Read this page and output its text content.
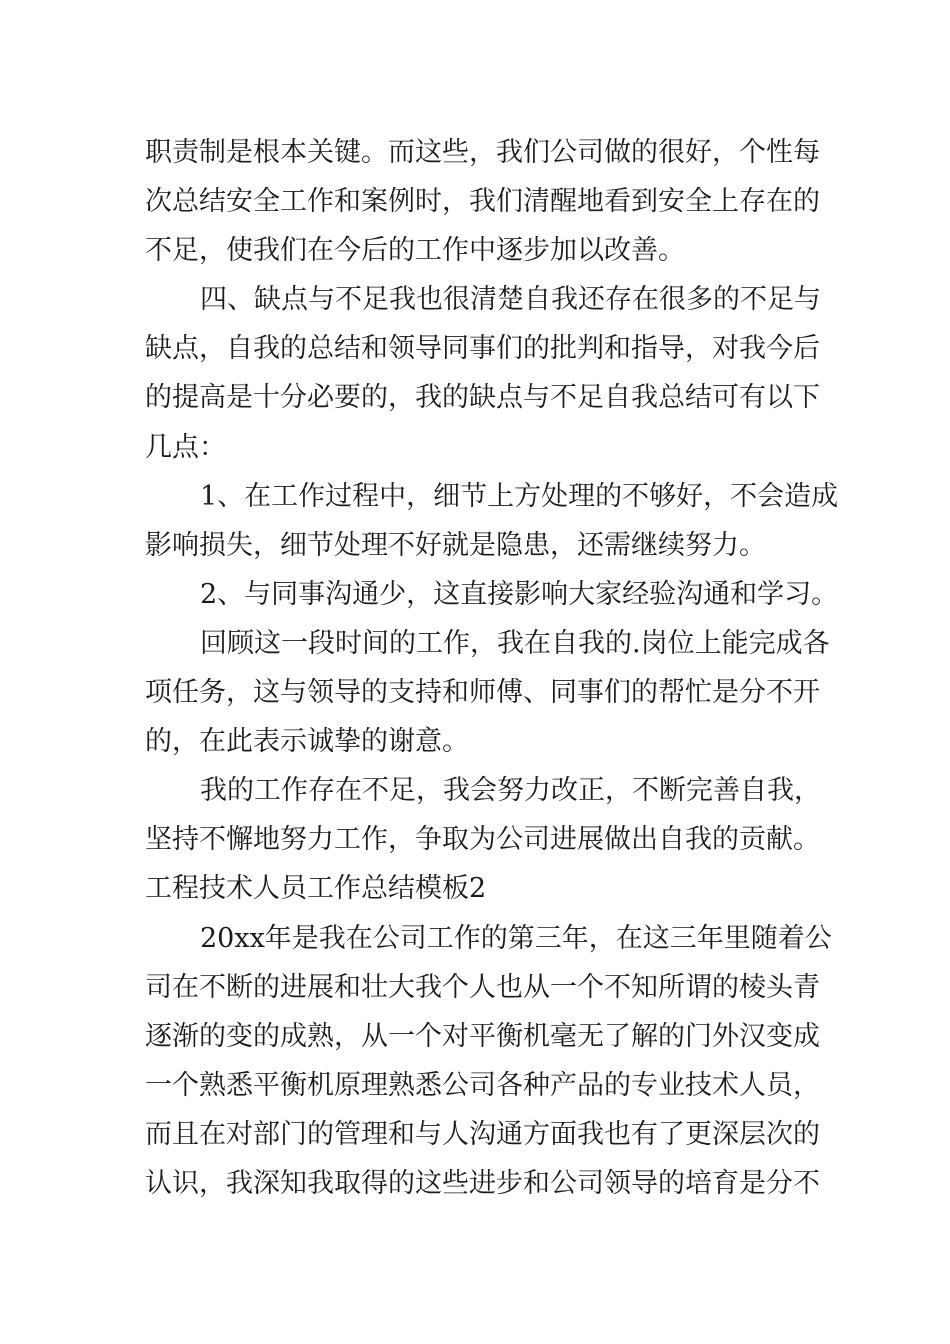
职责制是根本关键。而这些，我们公司做的很好，个性每
次总结安全工作和案例时，我们清醒地看到安全上存在的
不足，使我们在今后的工作中逐步加以改善。
四、缺点与不足我也很清楚自我还存在很多的不足与
缺点，自我的总结和领导同事们的批判和指导，对我今后
的提高是十分必要的，我的缺点与不足自我总结可有以下
几点：
1、在工作过程中，细节上方处理的不够好，不会造成
影响损失，细节处理不好就是隐患，还需继续努力。
2、与同事沟通少，这直接影响大家经验沟通和学习。
回顾这一段时间的工作，我在自我的.岗位上能完成各
项任务，这与领导的支持和师傅、同事们的帮忙是分不开
的，在此表示诚挚的谢意。
我的工作存在不足，我会努力改正，不断完善自我，
坚持不懈地努力工作，争取为公司进展做出自我的贡献。
工程技术人员工作总结模板2
20xx年是我在公司工作的第三年，在这三年里随着公
司在不断的进展和壮大我个人也从一个不知所谓的棱头青
逐渐的变的成熟，从一个对平衡机毫无了解的门外汉变成
一个熟悉平衡机原理熟悉公司各种产品的专业技术人员，
而且在对部门的管理和与人沟通方面我也有了更深层次的
认识，我深知我取得的这些进步和公司领导的培育是分不
